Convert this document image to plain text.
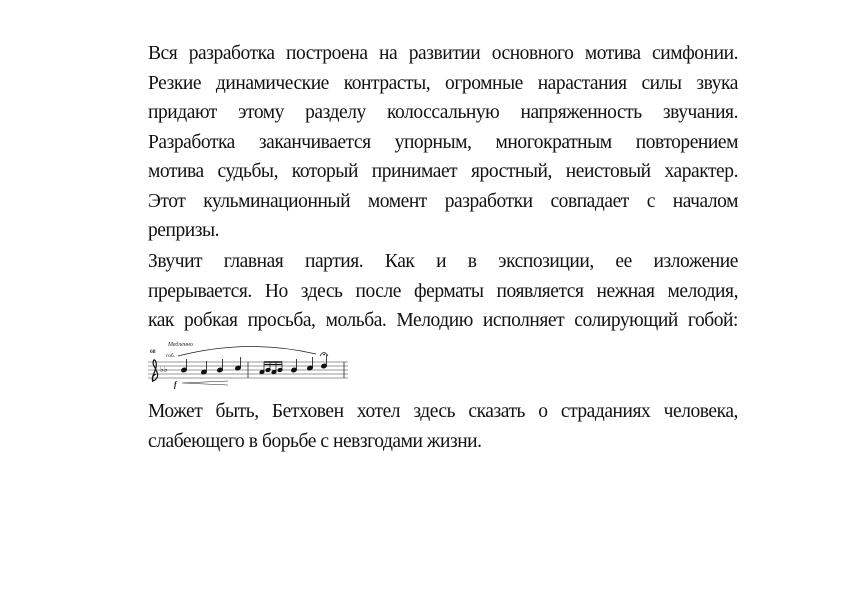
Вся разработка построена на развитии основного мотива симфонии.
Резкие динамические контрасты, огромные нарастания силы звука
придают этому разделу колоссальную напряженность звучания.
Разработка заканчивается упорным, многократным повторением
мотива судьбы, который принимает яростный, неистовый характер.
Этот кульминационный момент разработки совпадает с началом
репризы.
Звучит главная партия. Как и в экспозиции, ее изложение
прерывается. Но здесь после ферматы появляется нежная мелодия,
как робкая просьба, мольба. Мелодию исполняет солирующий гобой:
Медленно
68
гоб.
♭♭
f
Может быть, Бетховен хотел здесь сказать о страданиях человека,
слабеющего в борьбе с невзгодами жизни.
